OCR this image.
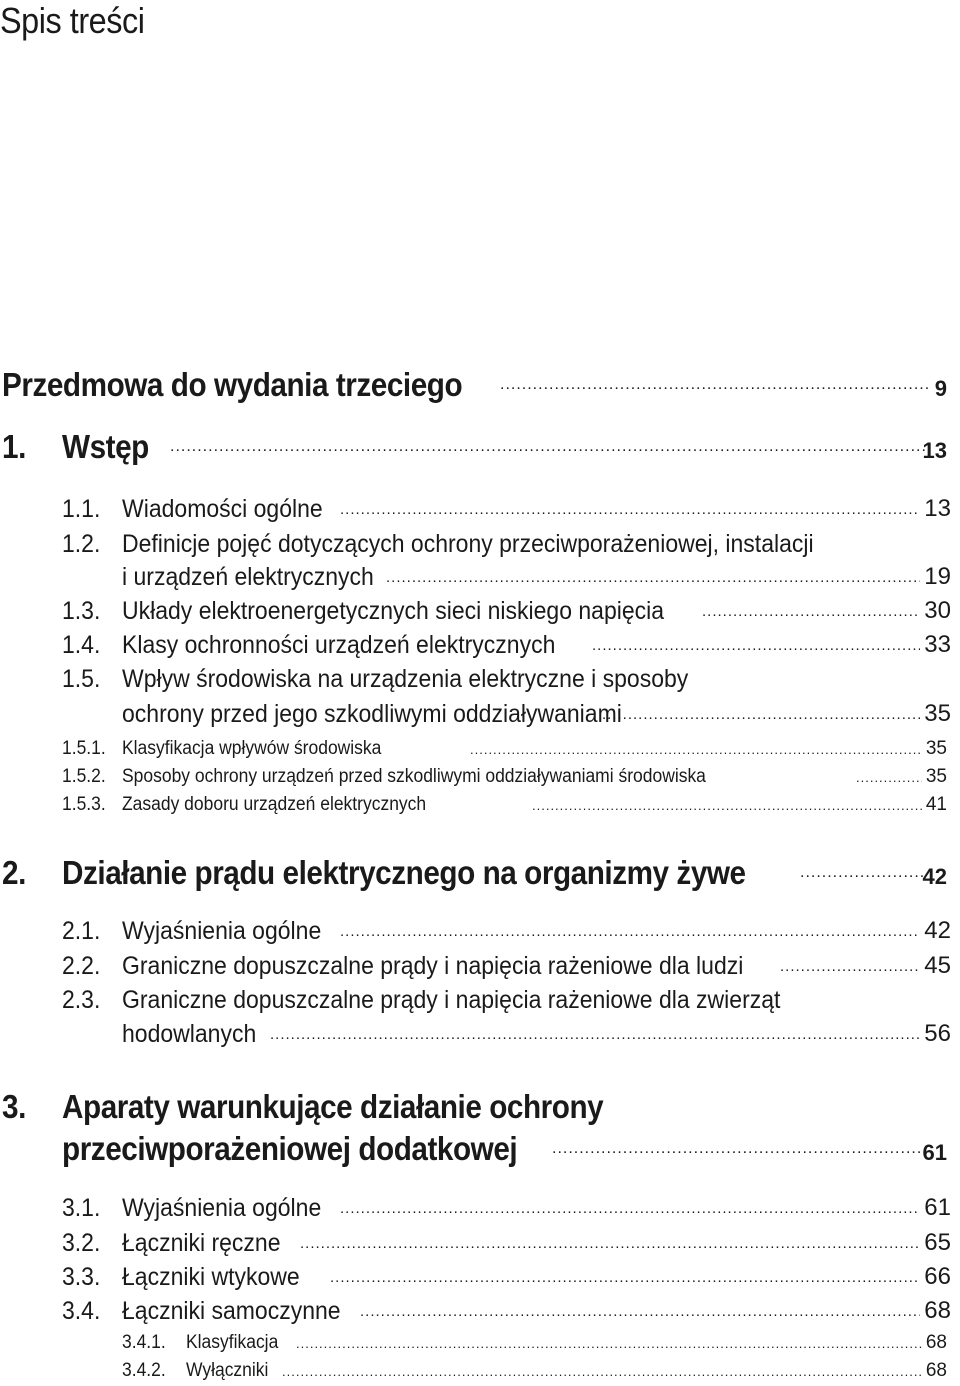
Spis treści
Przedmowa do wydania trzeciego .....	9
1. Wstęp .....	13
1.1. Wiadomości ogólne .....	13
1.2. Definicje pojęć dotyczących ochrony przeciwporażeniowej, instalacji
i urządzeń elektrycznych .....	19
1.3. Układy elektroenergetycznych sieci niskiego napięcia .....	30
1.4. Klasy ochronności urządzeń elektrycznych .....	33
1.5. Wpływ środowiska na urządzenia elektryczne i sposoby
ochrony przed jego szkodliwymi oddziaływaniami .....	35
1.5.1. Klasyfikacja wpływów środowiska .....	35
1.5.2. Sposoby ochrony urządzeń przed szkodliwymi oddziaływaniami środowiska .....	35
1.5.3. Zasady doboru urządzeń elektrycznych .....	41
2. Działanie prądu elektrycznego na organizmy żywe .....	42
2.1. Wyjaśnienia ogólne .....	42
2.2. Graniczne dopuszczalne prądy i napięcia rażeniowe dla ludzi .....	45
2.3. Graniczne dopuszczalne prądy i napięcia rażeniowe dla zwierząt
hodowlanych .....	56
3. Aparaty warunkujące działanie ochrony
przeciwporażeniowej dodatkowej .....	61
3.1. Wyjaśnienia ogólne .....	61
3.2. Łączniki ręczne .....	65
3.3. Łączniki wtykowe .....	66
3.4. Łączniki samoczynne .....	68
3.4.1. Klasyfikacja .....	68
3.4.2. Wyłączniki .....	68
